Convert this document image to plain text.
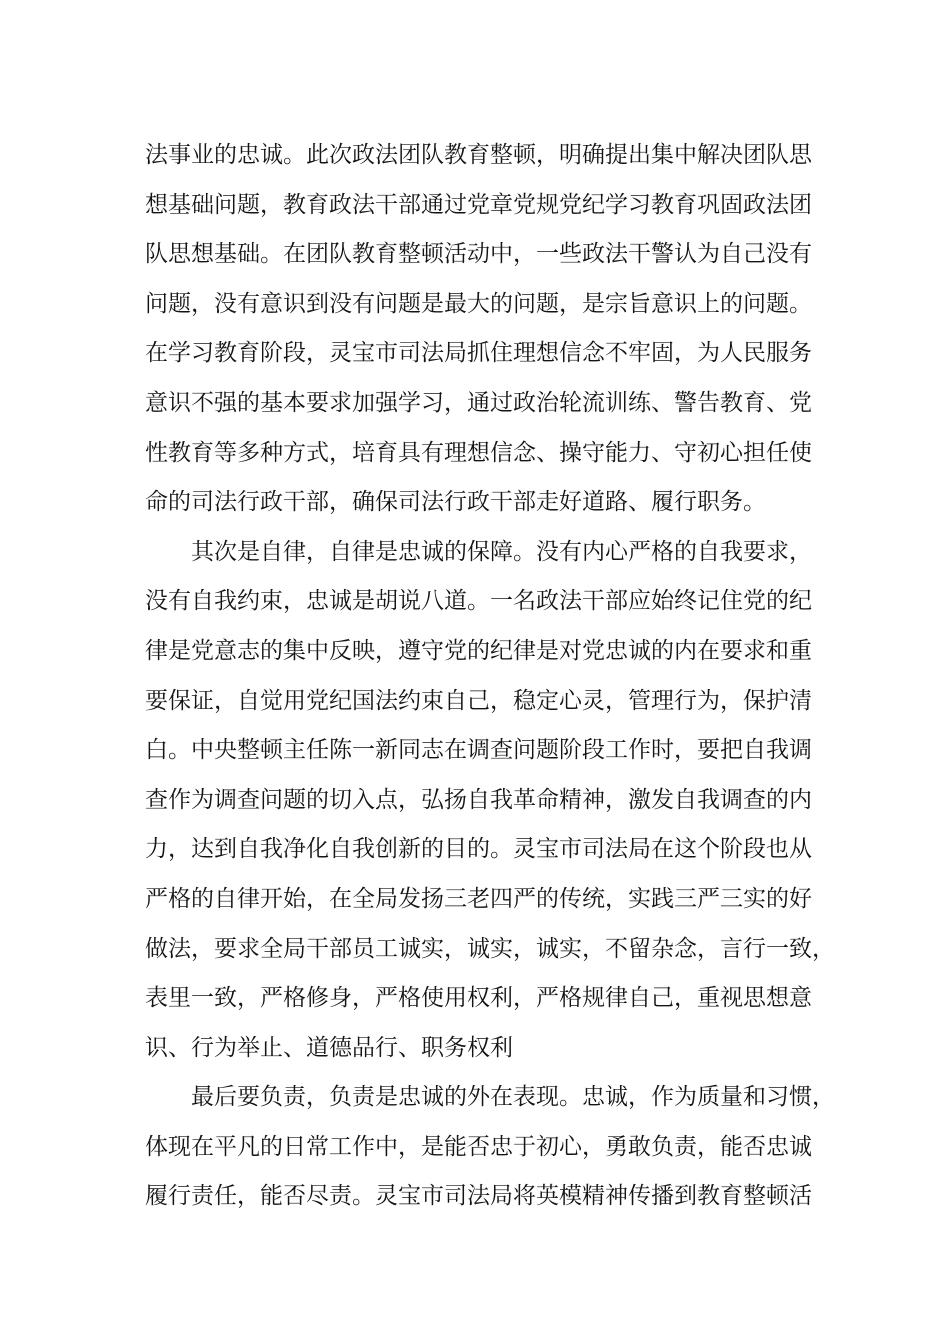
法事业的忠诚。此次政法团队教育整顿，明确提出集中解决团队思
想基础问题，教育政法干部通过党章党规党纪学习教育巩固政法团
队思想基础。在团队教育整顿活动中，一些政法干警认为自己没有
问题，没有意识到没有问题是最大的问题，是宗旨意识上的问题。
在学习教育阶段，灵宝市司法局抓住理想信念不牢固，为人民服务
意识不强的基本要求加强学习，通过政治轮流训练、警告教育、党
性教育等多种方式，培育具有理想信念、操守能力、守初心担任使
命的司法行政干部，确保司法行政干部走好道路、履行职务。
其次是自律，自律是忠诚的保障。没有内心严格的自我要求，
没有自我约束，忠诚是胡说八道。一名政法干部应始终记住党的纪
律是党意志的集中反映，遵守党的纪律是对党忠诚的内在要求和重
要保证，自觉用党纪国法约束自己，稳定心灵，管理行为，保护清
白。中央整顿主任陈一新同志在调查问题阶段工作时，要把自我调
查作为调查问题的切入点，弘扬自我革命精神，激发自我调查的内
力，达到自我净化自我创新的目的。灵宝市司法局在这个阶段也从
严格的自律开始，在全局发扬三老四严的传统，实践三严三实的好
做法，要求全局干部员工诚实，诚实，诚实，不留杂念，言行一致，
表里一致，严格修身，严格使用权利，严格规律自己，重视思想意
识、行为举止、道德品行、职务权利
最后要负责，负责是忠诚的外在表现。忠诚，作为质量和习惯，
体现在平凡的日常工作中，是能否忠于初心，勇敢负责，能否忠诚
履行责任，能否尽责。灵宝市司法局将英模精神传播到教育整顿活
